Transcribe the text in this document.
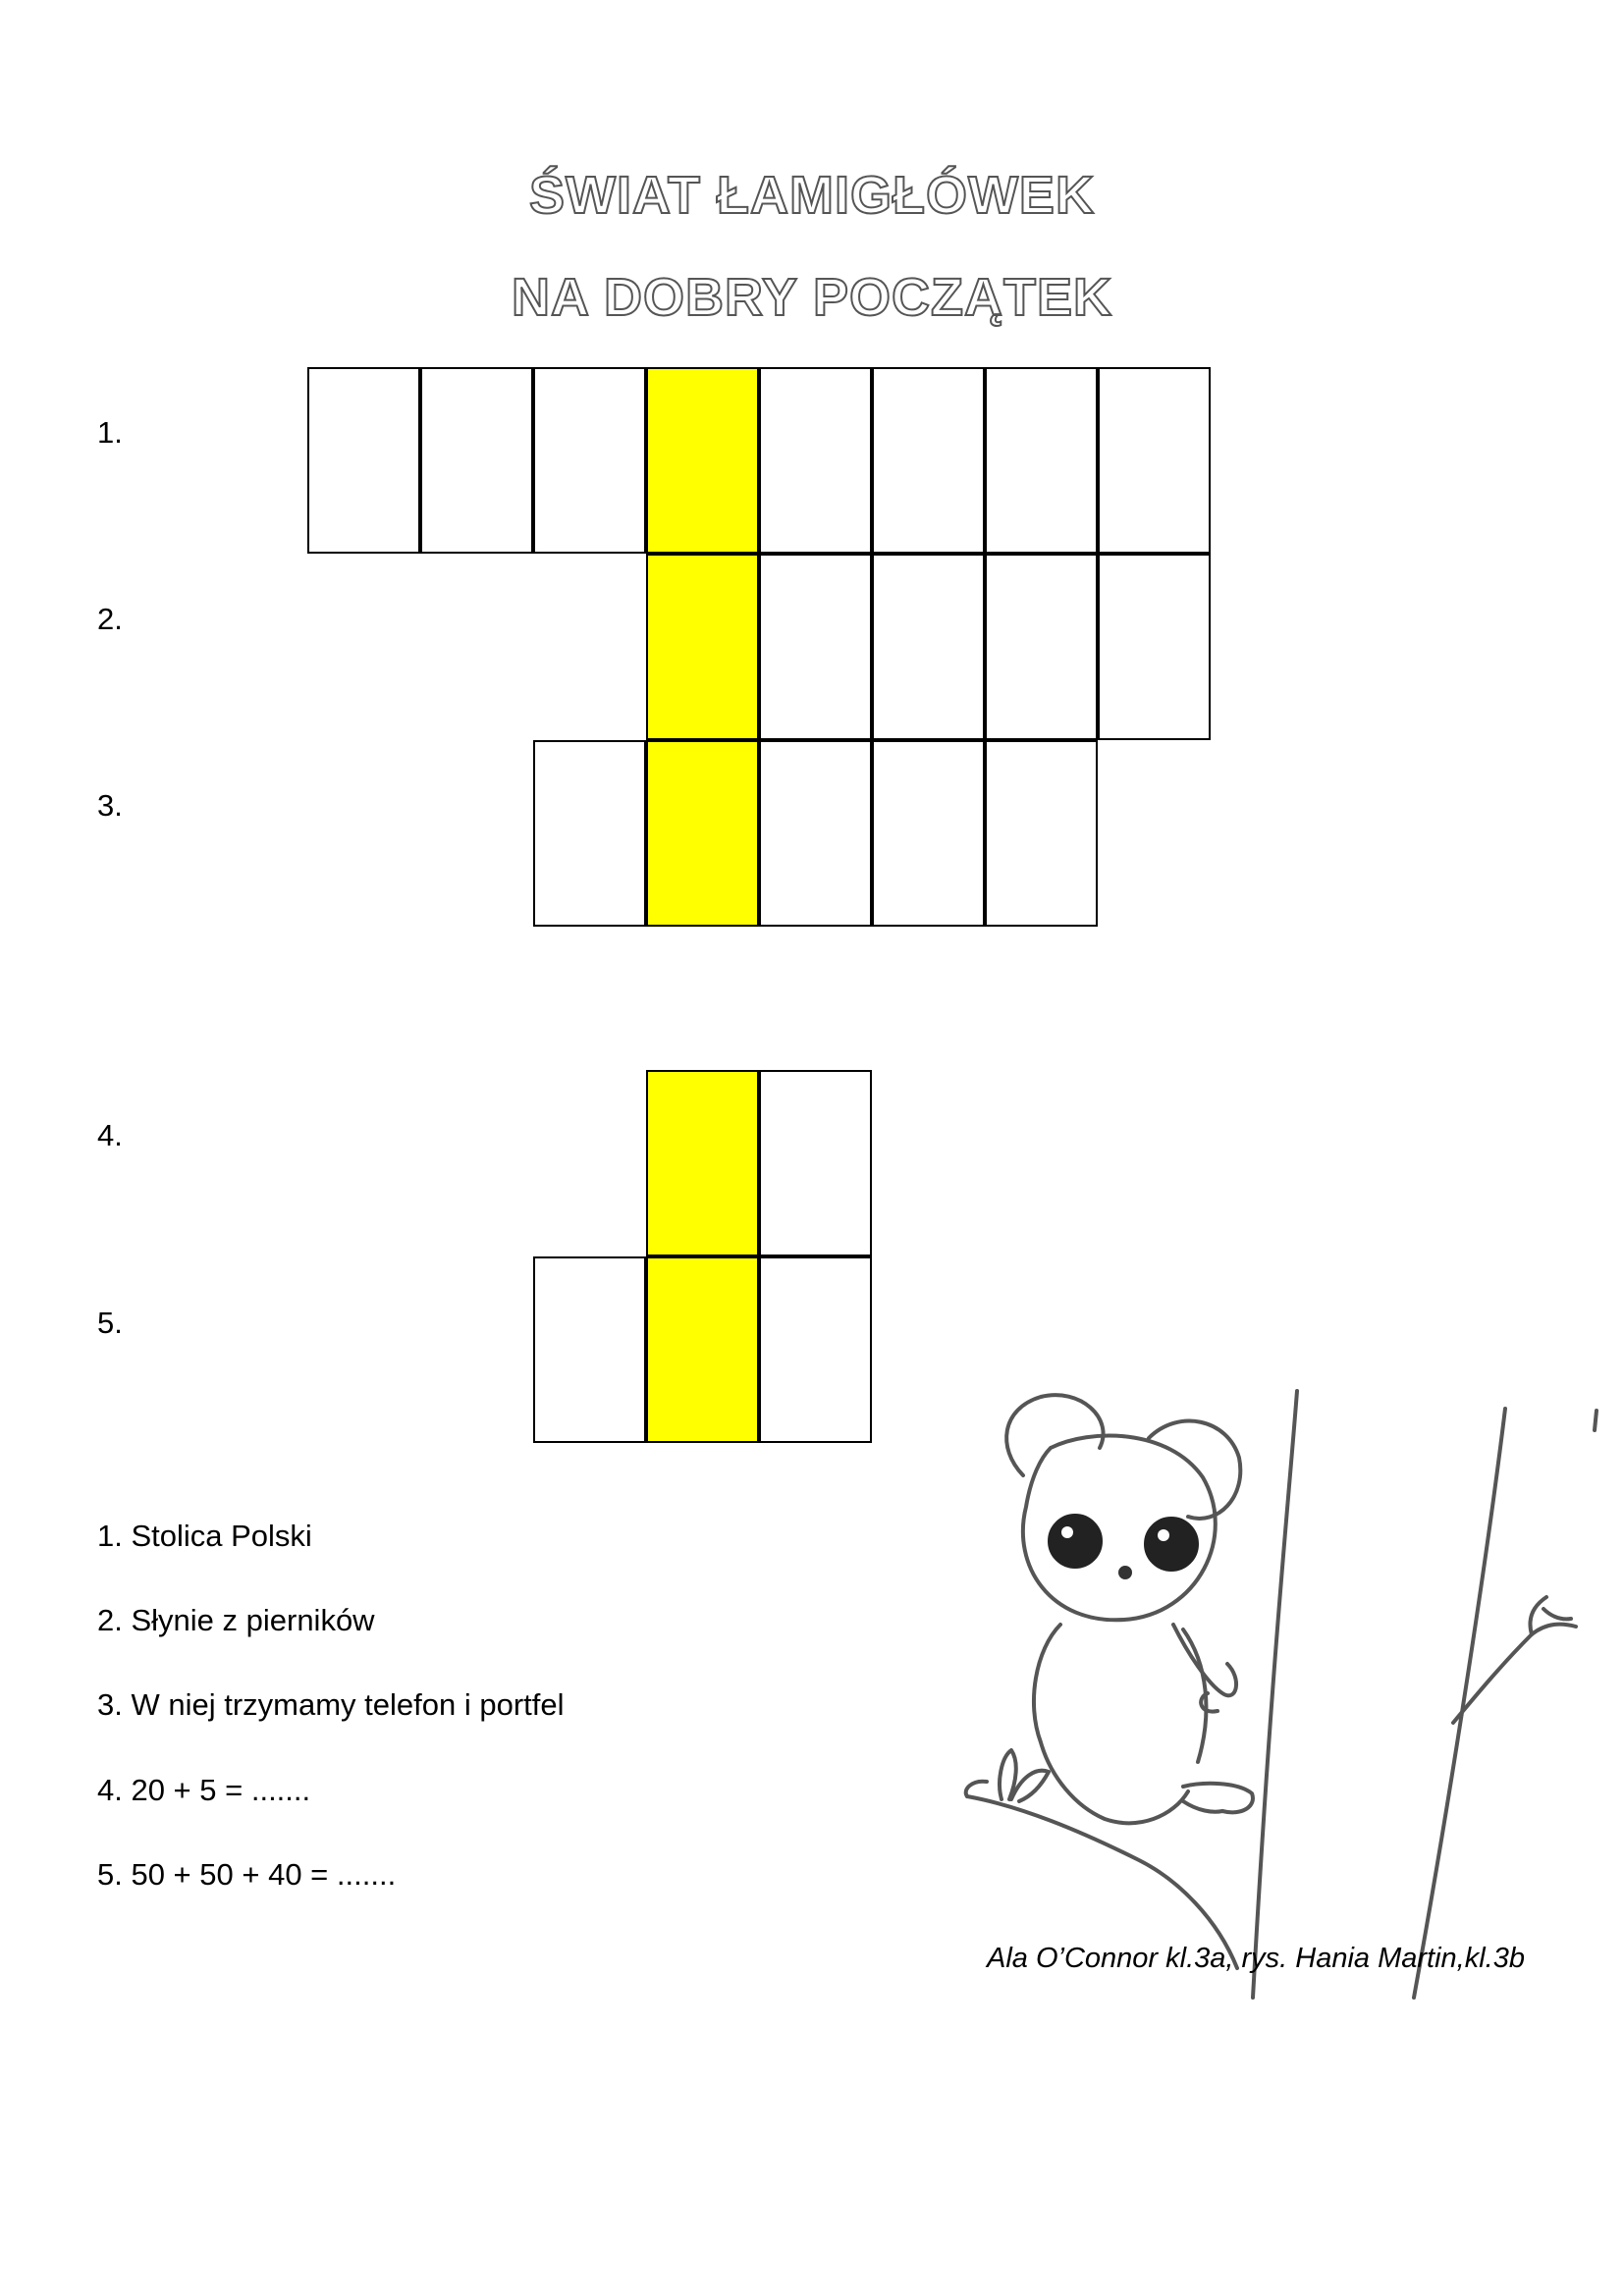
ŚWIAT ŁAMIGŁÓWEK
NA DOBRY POCZĄTEK
1.
2.
3.
4.
5.
1. Stolica Polski
2. Słynie z pierników
3. W niej trzymamy telefon i portfel
4. 20 + 5 = .......
5. 50 + 50 + 40 = .......
Ala O’Connor kl.3a, rys. Hania Martin,kl.3b
